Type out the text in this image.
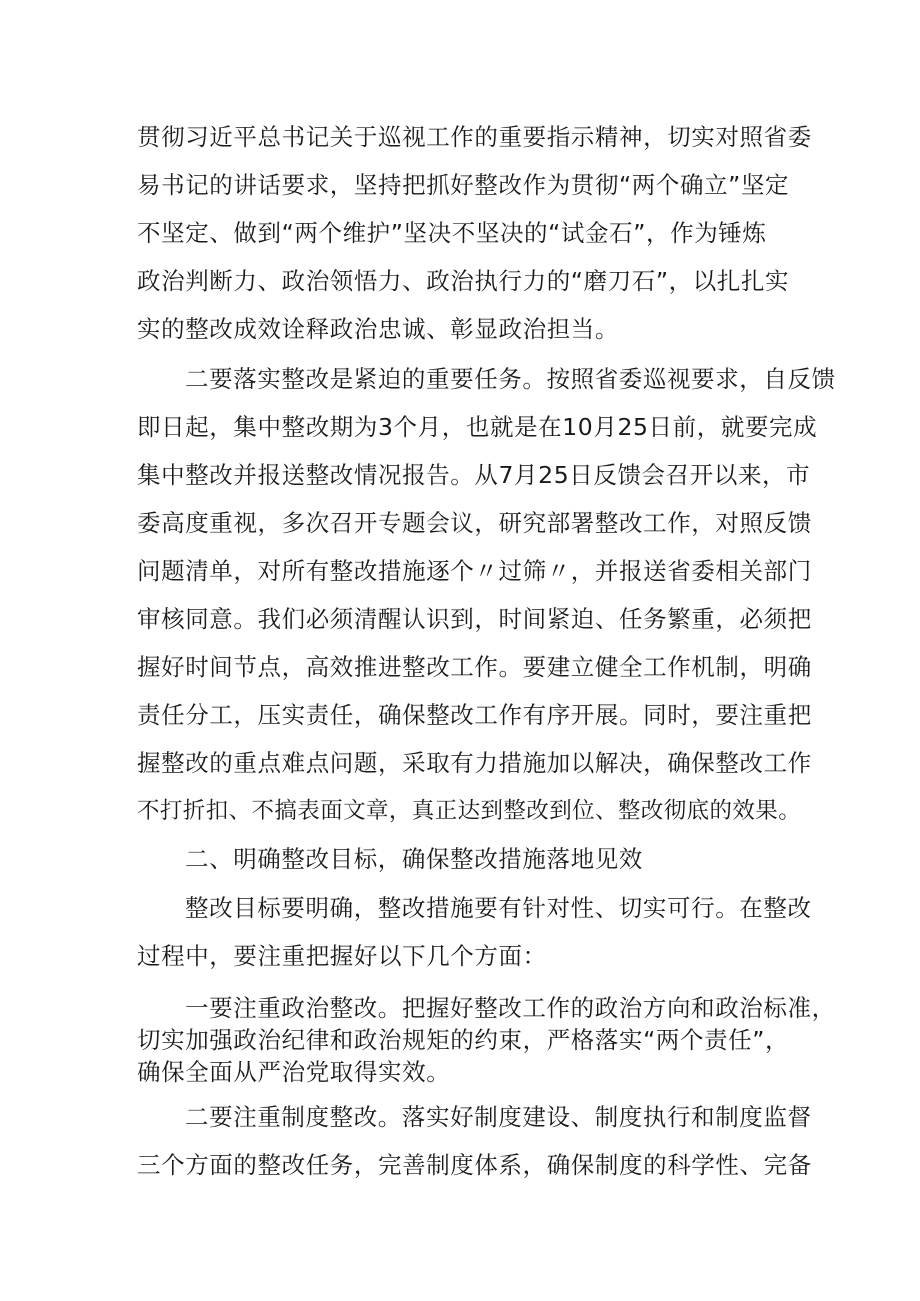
贯彻习近平总书记关于巡视工作的重要指示精神，切实对照省委
易书记的讲话要求，坚持把抓好整改作为贯彻“两个确立”坚定
不坚定、做到“两个维护”坚决不坚决的“试金石”，作为锤炼
政治判断力、政治领悟力、政治执行力的“磨刀石”，以扎扎实
实的整改成效诠释政治忠诚、彰显政治担当。
二要落实整改是紧迫的重要任务。按照省委巡视要求，自反馈
即日起，集中整改期为3个月，也就是在10月25日前，就要完成
集中整改并报送整改情况报告。从7月25日反馈会召开以来，市
委高度重视，多次召开专题会议，研究部署整改工作，对照反馈
问题清单，对所有整改措施逐个〃过筛〃，并报送省委相关部门
审核同意。我们必须清醒认识到，时间紧迫、任务繁重，必须把
握好时间节点，高效推进整改工作。要建立健全工作机制，明确
责任分工，压实责任，确保整改工作有序开展。同时，要注重把
握整改的重点难点问题，采取有力措施加以解决，确保整改工作
不打折扣、不搞表面文章，真正达到整改到位、整改彻底的效果。
二、明确整改目标，确保整改措施落地见效
整改目标要明确，整改措施要有针对性、切实可行。在整改
过程中，要注重把握好以下几个方面：
一要注重政治整改。把握好整改工作的政治方向和政治标准，
切实加强政治纪律和政治规矩的约束，严格落实“两个责任”，
确保全面从严治党取得实效。
二要注重制度整改。落实好制度建设、制度执行和制度监督
三个方面的整改任务，完善制度体系，确保制度的科学性、完备
